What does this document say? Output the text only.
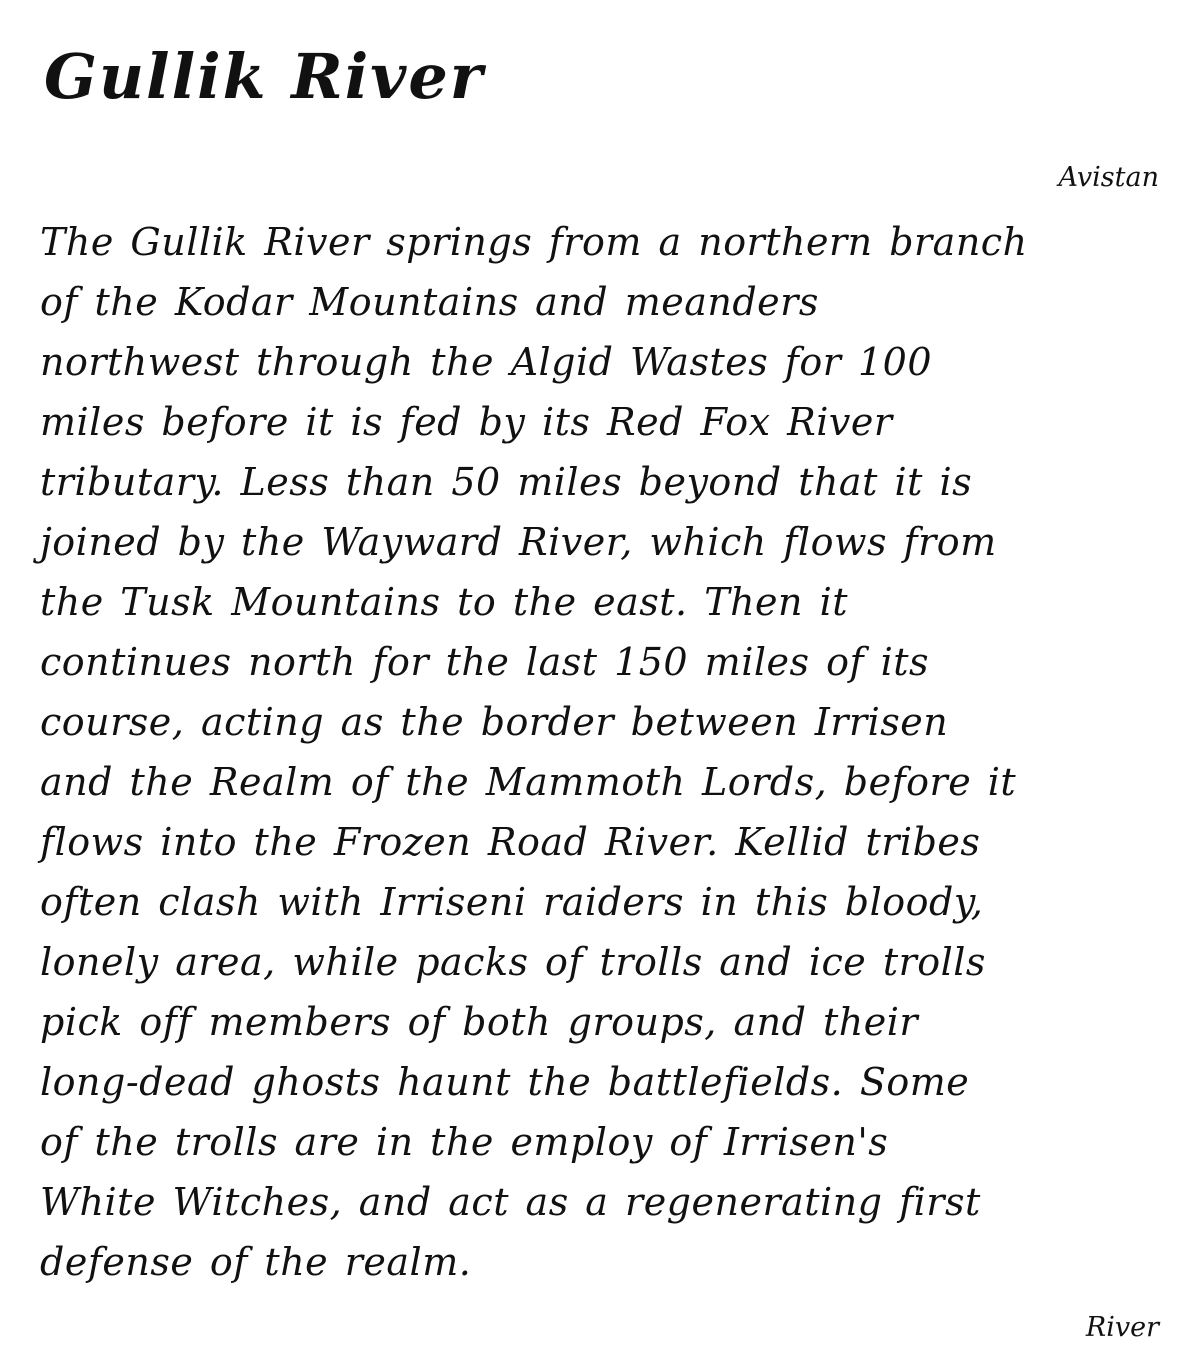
Gullik River
Avistan

The Gullik River springs from a northern branch
of the Kodar Mountains and meanders
northwest through the Algid Wastes for 100
miles before it is fed by its Red Fox River
tributary. Less than 50 miles beyond that it is
joined by the Wayward River, which flows from
the Tusk Mountains to the east. Then it
continues north for the last 150 miles of its
course, acting as the border between Irrisen
and the Realm of the Mammoth Lords, before it
flows into the Frozen Road River. Kellid tribes
often clash with Irriseni raiders in this bloody,
lonely area, while packs of trolls and ice trolls
pick off members of both groups, and their
long-dead ghosts haunt the battlefields. Some
of the trolls are in the employ of Irrisen's
White Witches, and act as a regenerating first
defense of the realm.

River
